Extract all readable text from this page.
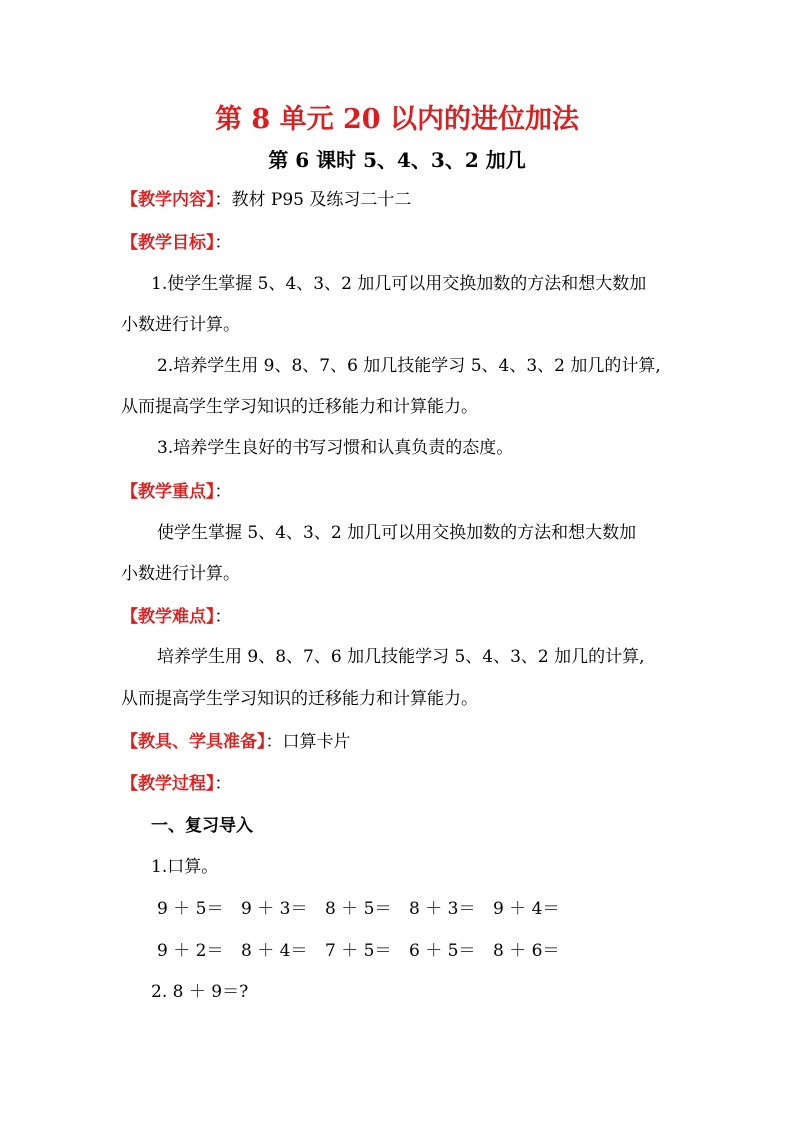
第 8 单元 20 以内的进位加法
第 6 课时 5、4、3、2 加几
【教学内容】：教材 P95 及练习二十二
【教学目标】：
1.使学生掌握 5、4、3、2 加几可以用交换加数的方法和想大数加
小数进行计算。
2.培养学生用 9、8、7、6 加几技能学习 5、4、3、2 加几的计算,
从而提高学生学习知识的迁移能力和计算能力。
3.培养学生良好的书写习惯和认真负责的态度。
【教学重点】：
使学生掌握 5、4、3、2 加几可以用交换加数的方法和想大数加
小数进行计算。
【教学难点】：
培养学生用 9、8、7、6 加几技能学习 5、4、3、2 加几的计算,
从而提高学生学习知识的迁移能力和计算能力。
【教具、学具准备】：口算卡片
【教学过程】：
一、复习导入
1.口算。
9 ＋ 5＝ 9 ＋ 3＝ 8 ＋ 5＝ 8 ＋ 3＝ 9 ＋ 4＝
9 ＋ 2＝ 8 ＋ 4＝ 7 ＋ 5＝ 6 ＋ 5＝ 8 ＋ 6＝
2. 8 ＋ 9＝?
